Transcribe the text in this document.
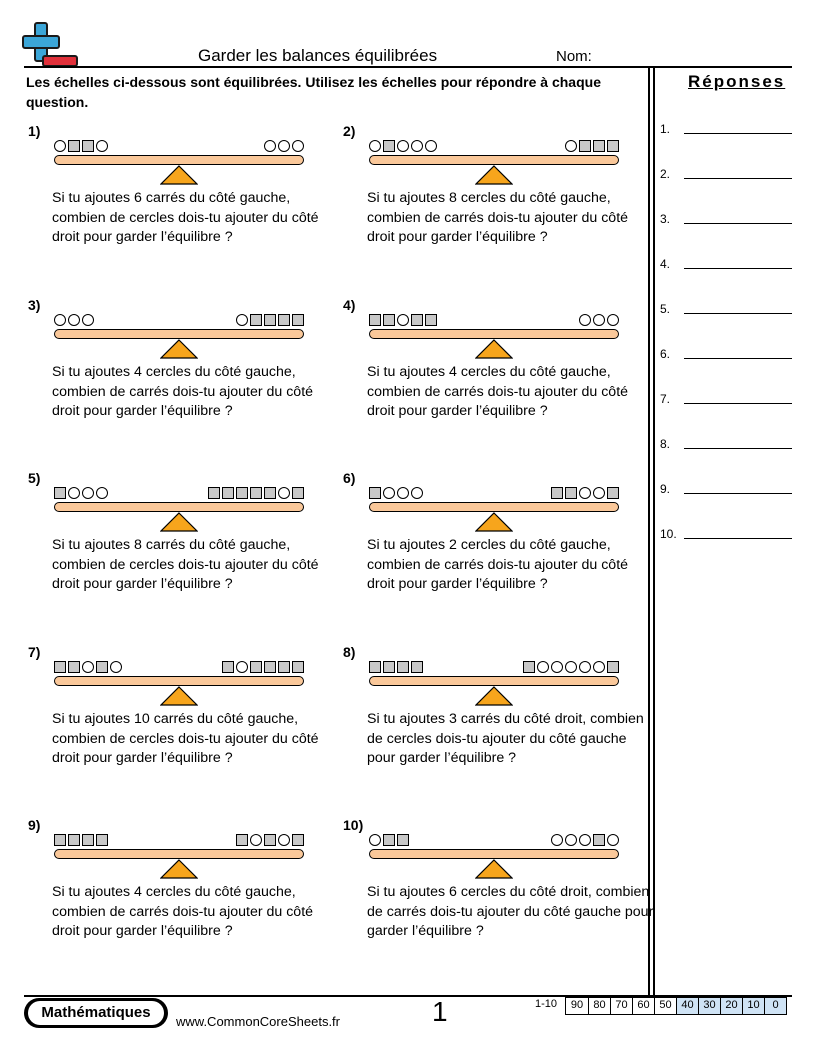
Garder les balances équilibrées	Nom:
Les échelles ci-dessous sont équilibrées. Utilisez les échelles pour répondre à chaque question.
Réponses
1.
2.
3.
4.
5.
6.
7.
8.
9.
10.
1)
Si tu ajoutes 6 carrés du côté gauche, combien de cercles dois-tu ajouter du côté droit pour garder l’équilibre ?
2)
Si tu ajoutes 8 cercles du côté gauche, combien de carrés dois-tu ajouter du côté droit pour garder l’équilibre ?
3)
Si tu ajoutes 4 cercles du côté gauche, combien de carrés dois-tu ajouter du côté droit pour garder l’équilibre ?
4)
Si tu ajoutes 4 cercles du côté gauche, combien de carrés dois-tu ajouter du côté droit pour garder l’équilibre ?
5)
Si tu ajoutes 8 carrés du côté gauche, combien de cercles dois-tu ajouter du côté droit pour garder l’équilibre ?
6)
Si tu ajoutes 2 cercles du côté gauche, combien de carrés dois-tu ajouter du côté droit pour garder l’équilibre ?
7)
Si tu ajoutes 10 carrés du côté gauche, combien de cercles dois-tu ajouter du côté droit pour garder l’équilibre ?
8)
Si tu ajoutes 3 carrés du côté droit, combien de cercles dois-tu ajouter du côté gauche pour garder l’équilibre ?
9)
Si tu ajoutes 4 cercles du côté gauche, combien de carrés dois-tu ajouter du côté droit pour garder l’équilibre ?
10)
Si tu ajoutes 6 cercles du côté droit, combien de carrés dois-tu ajouter du côté gauche pour garder l’équilibre ?
Mathématiques
www.CommonCoreSheets.fr	1	1-10	90 80 70 60 50 40 30 20 10	0
